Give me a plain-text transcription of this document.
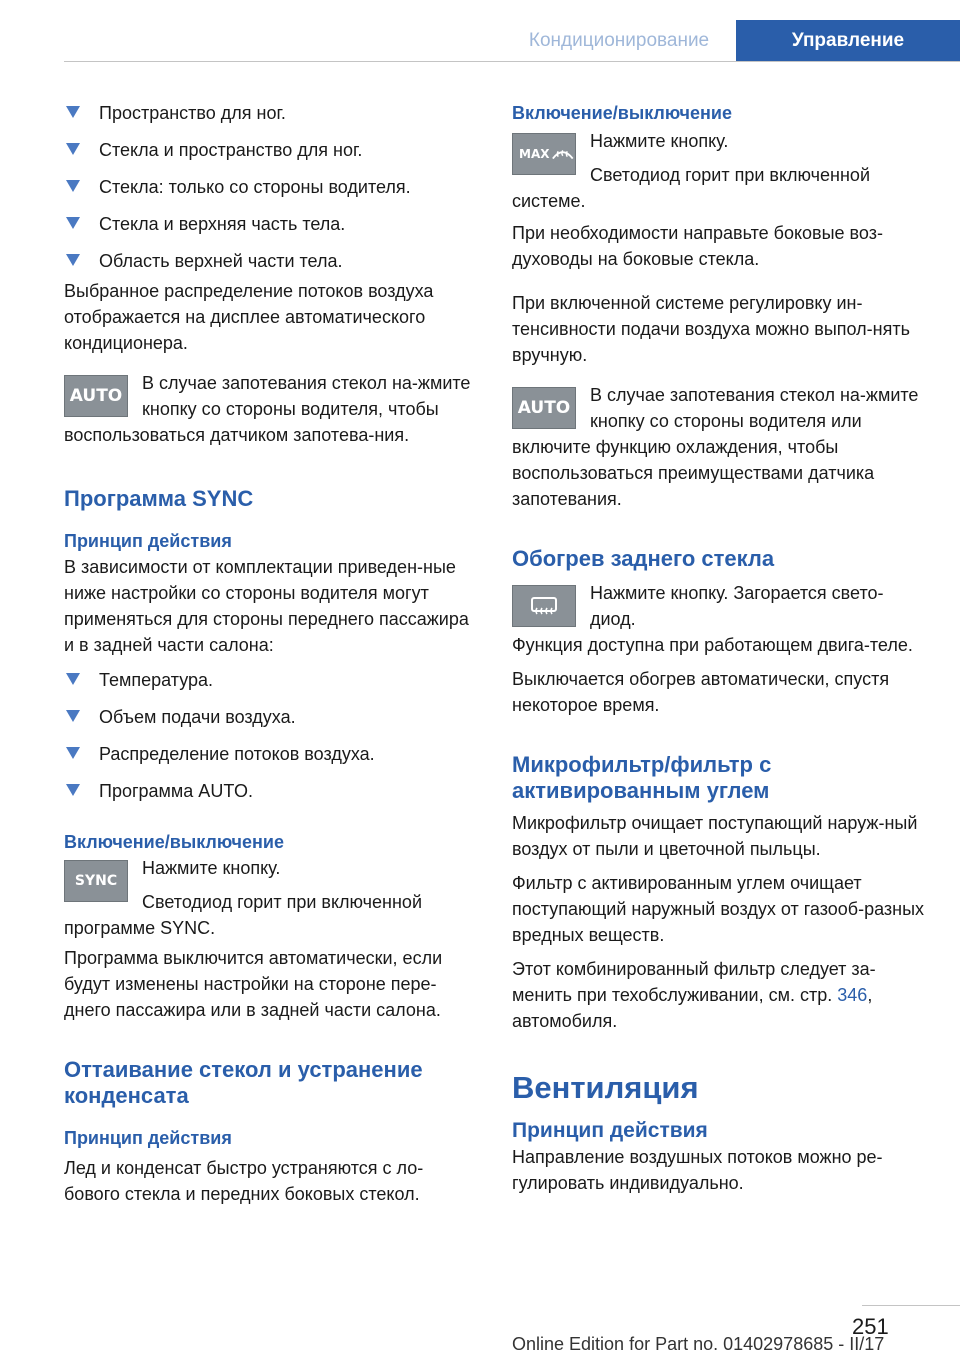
Кондиционирование	Управление
Пространство для ног.
Стекла и пространство для ног.
Стекла: только со стороны водителя.
Стекла и верхняя часть тела.
Область верхней части тела.

Выбранное распределение потоков воздуха отображается на дисплее автоматического кондиционера.

AUTO

В случае запотевания стекол на-жмите кнопку со стороны водителя, чтобы воспользоваться датчиком запотева-ния.

Программа SYNC
Принцип действия

В зависимости от комплектации приведен-ные ниже настройки со стороны водителя могут применяться для стороны переднего пассажира и в задней части салона:

Температура.
Объем подачи воздуха.
Распределение потоков воздуха.
Программа AUTO.
Включение/выключение
SYNC

Нажмите кнопку.

Светодиод горит при включенной программе SYNC.

Программа выключится автоматически, если будут изменены настройки на стороне пере-днего пассажира или в задней части салона.

Оттаивание стекол и устранение конденсата
Принцип действия

Лед и конденсат быстро устраняются с ло-бового стекла и передних боковых стекол.

Включение/выключение
MAX

Нажмите кнопку.

Светодиод горит при включенной системе.

При необходимости направьте боковые воз-духоводы на боковые стекла.

При включенной системе регулировку ин-тенсивности подачи воздуха можно выпол-нять вручную.

AUTO

В случае запотевания стекол на-жмите кнопку со стороны водителя или включите функцию охлаждения, чтобы воспользоваться преимуществами датчика запотевания.

Обогрев заднего стекла

Нажмите кнопку. Загорается свето-диод.

Функция доступна при работающем двига-теле.

Выключается обогрев автоматически, спустя некоторое время.

Микрофильтр/фильтр с активированным углем

Микрофильтр очищает поступающий наруж-ный воздух от пыли и цветочной пыльцы.

Фильтр с активированным углем очищает поступающий наружный воздух от газооб-разных вредных веществ.

Этот комбинированный фильтр следует за-менить при техобслуживании, см. стр. 346, автомобиля.

Вентиляция
Принцип действия

Направление воздушных потоков можно ре-гулировать индивидуально.

251
Online Edition for Part no. 01402978685 - II/17
